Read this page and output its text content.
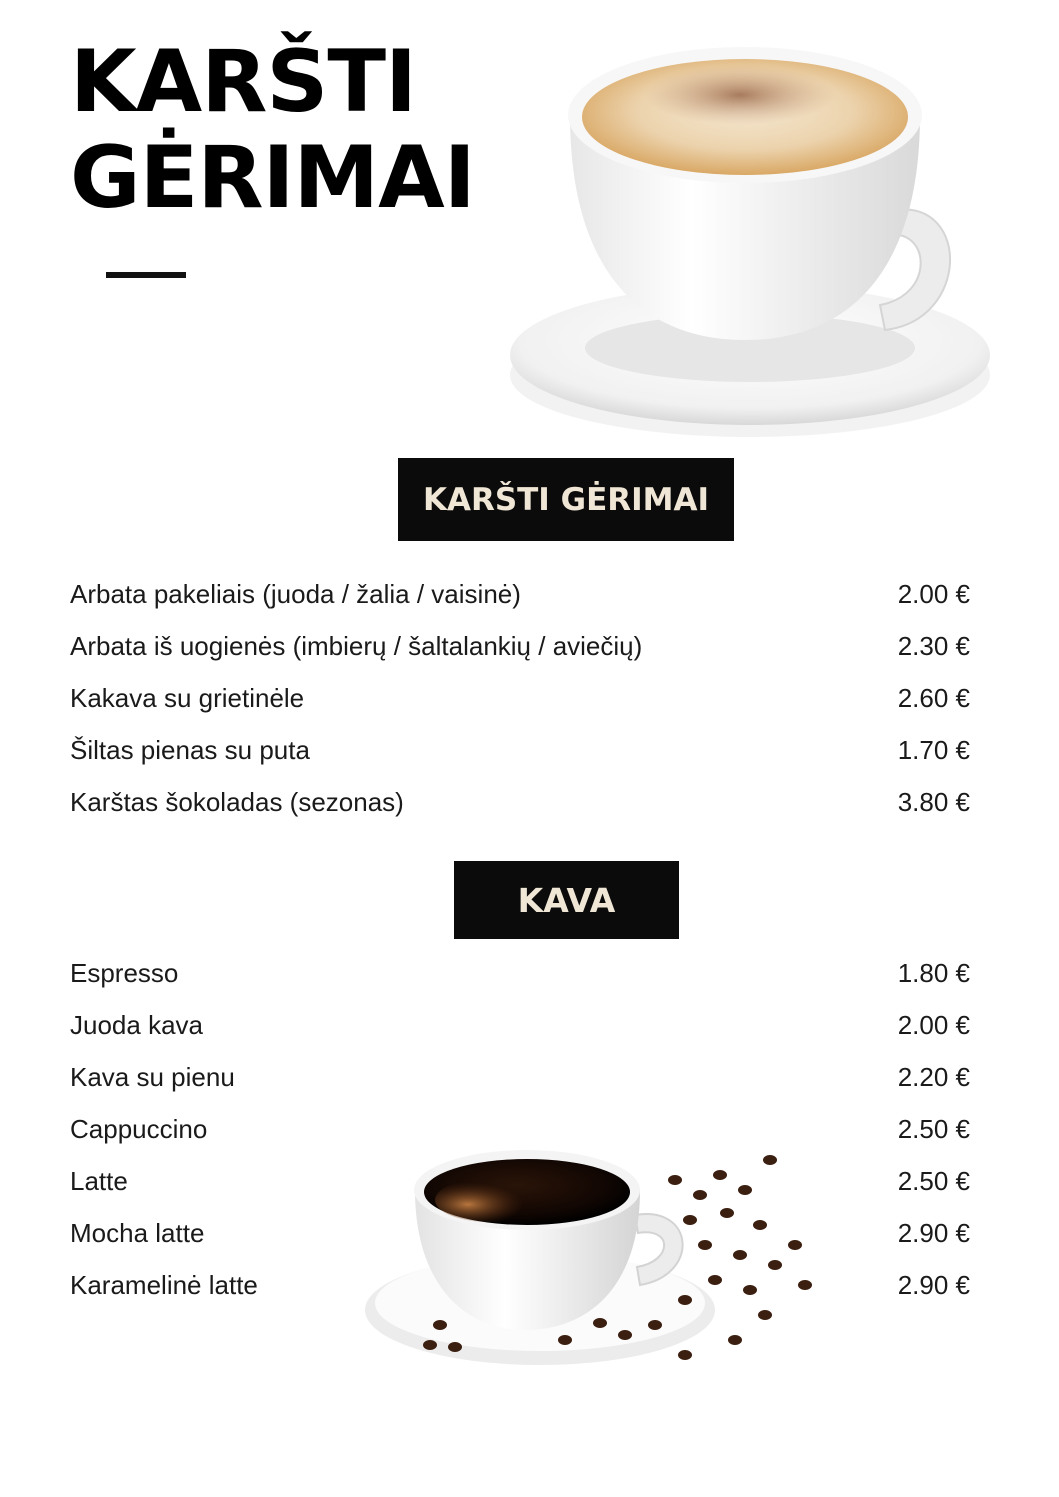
KARŠTI
GĖRIMAI
KARŠTI GĖRIMAI
Arbata pakeliais (juoda / žalia / vaisinė)	2.00 €
Arbata iš uogienės (imbierų / šaltalankių / aviečių)	2.30 €
Kakava su grietinėle	2.60 €
Šiltas pienas su puta	1.70 €
Karštas šokoladas (sezonas)	3.80 €
KAVA
Espresso	1.80 €
Juoda kava	2.00 €
Kava su pienu	2.20 €
Cappuccino	2.50 €
Latte	2.50 €
Mocha latte	2.90 €
Karamelinė latte	2.90 €
